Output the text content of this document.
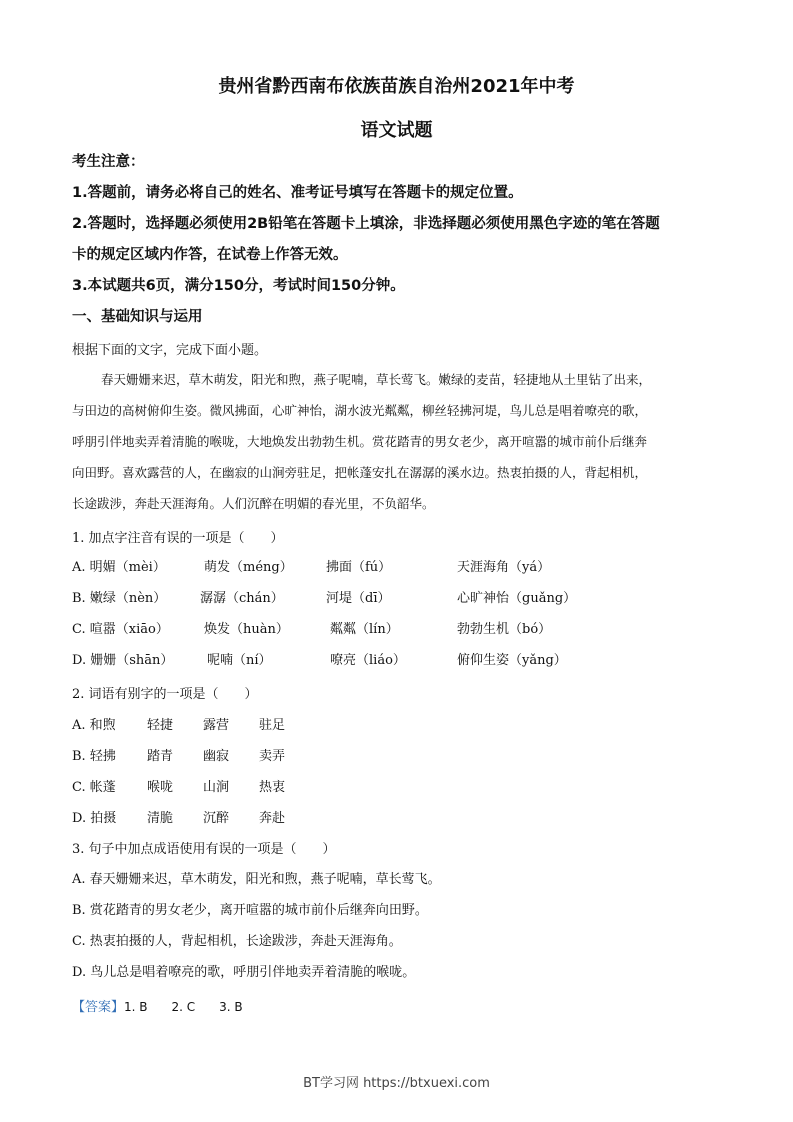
贵州省黔西南布依族苗族自治州2021年中考
语文试题
考生注意：
1.答题前，请务必将自己的姓名、准考证号填写在答题卡的规定位置。
2.答题时，选择题必须使用2B铅笔在答题卡上填涂，非选择题必须使用黑色字迹的笔在答题
卡的规定区域内作答，在试卷上作答无效。
3.本试题共6页，满分150分，考试时间150分钟。
一、基础知识与运用
根据下面的文字，完成下面小题。
春天姗姗来迟，草木萌发，阳光和煦，燕子呢喃，草长莺飞。嫩绿的麦苗，轻捷地从土里钻了出来，
与田边的高树俯仰生姿。微风拂面，心旷神怡，湖水波光粼粼，柳丝轻拂河堤，鸟儿总是唱着嘹亮的歌，
呼朋引伴地卖弄着清脆的喉咙，大地焕发出勃勃生机。赏花踏青的男女老少，离开喧嚣的城市前仆后继奔
向田野。喜欢露营的人，在幽寂的山涧旁驻足，把帐蓬安扎在潺潺的溪水边。热衷拍摄的人，背起相机，
长途跋涉，奔赴天涯海角。人们沉醉在明媚的春光里，不负韶华。
1. 加点字注音有误的一项是（　　）
A. 明媚（mèi）	萌发（méng）	拂面（fú）	天涯海角（yá）
B. 嫩绿（nèn）	潺潺（chán）	河堤（dī）	心旷神怡（guǎng）
C. 喧嚣（xiāo）	焕发（huàn）	粼粼（lín）	勃勃生机（bó）
D. 姗姗（shān）	呢喃（ní）	嘹亮（liáo）	俯仰生姿（yǎng）
2. 词语有别字的一项是（　　）
A. 和煦 轻捷 露营 驻足
B. 轻拂 踏青 幽寂 卖弄
C. 帐蓬 喉咙 山涧 热衷
D. 拍摄 清脆 沉醉 奔赴
3. 句子中加点成语使用有误的一项是（　　）
A. 春天姗姗来迟，草木萌发，阳光和煦，燕子呢喃，草长莺飞。
B. 赏花踏青的男女老少，离开喧嚣的城市前仆后继奔向田野。
C. 热衷拍摄的人，背起相机，长途跋涉，奔赴天涯海角。
D. 鸟儿总是唱着嘹亮的歌，呼朋引伴地卖弄着清脆的喉咙。
【答案】1. B　　2. C　　3. B
BT学习网 https://btxuexi.com
